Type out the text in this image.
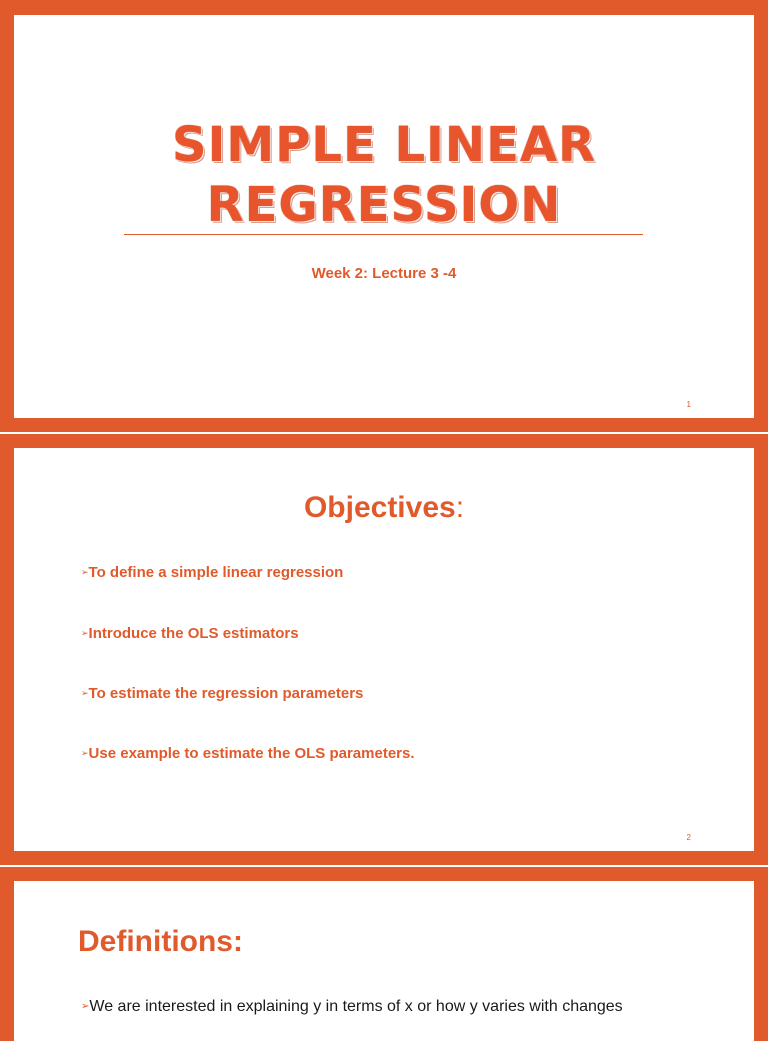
SIMPLE LINEAR
REGRESSION
Week 2: Lecture 3 -4
1
Objectives:
➢To define a simple linear regression
➢Introduce the OLS estimators
➢To estimate the regression parameters
➢Use example to estimate the OLS parameters.
2
Definitions:
➢We are interested in explaining y in terms of x or how y varies with changes
